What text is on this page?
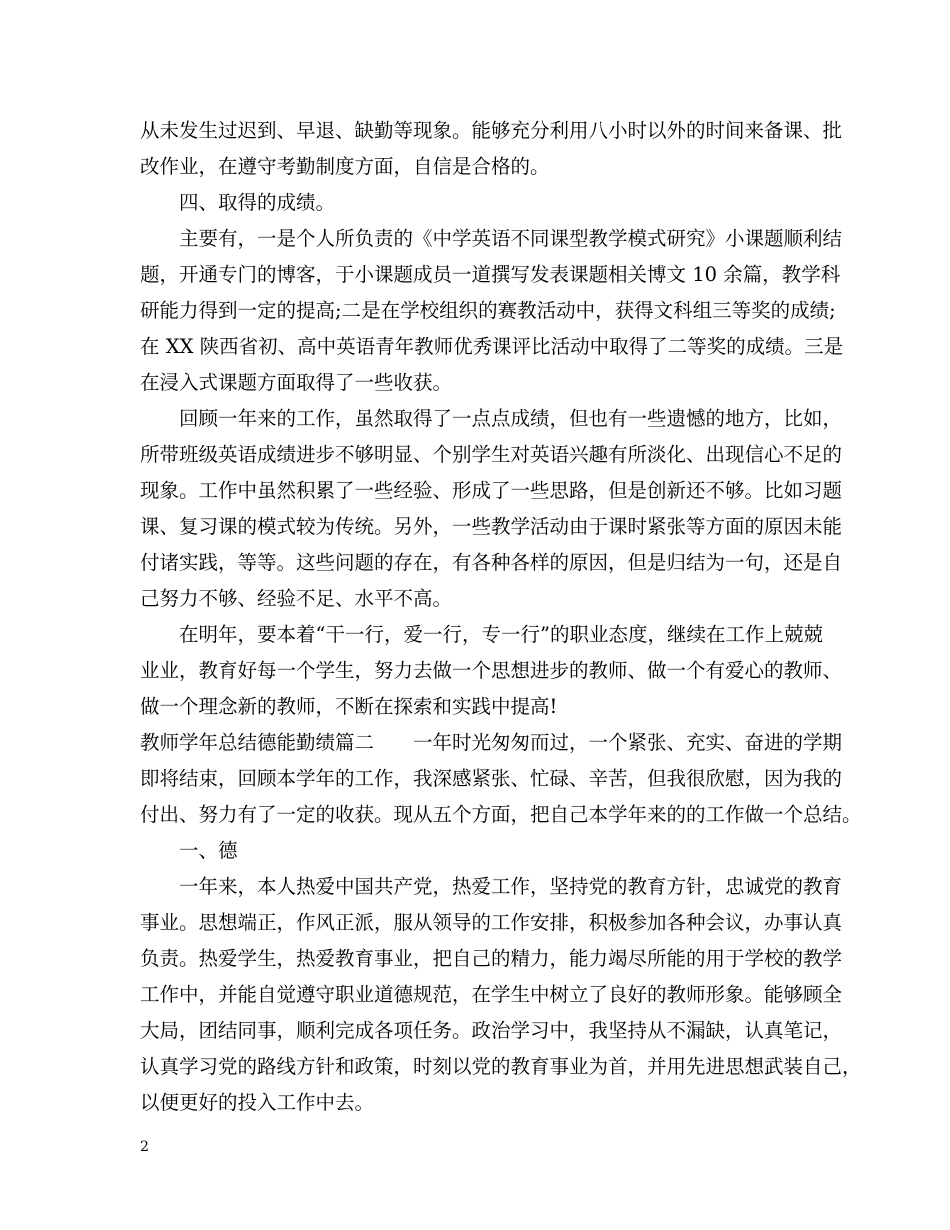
从未发生过迟到、早退、缺勤等现象。能够充分利用八小时以外的时间来备课、批
改作业，在遵守考勤制度方面，自信是合格的。
四、取得的成绩。
主要有，一是个人所负责的《中学英语不同课型教学模式研究》小课题顺利结
题，开通专门的博客，于小课题成员一道撰写发表课题相关博文 10 余篇，教学科
研能力得到一定的提高;二是在学校组织的赛教活动中，获得文科组三等奖的成绩;
在 XX 陕西省初、高中英语青年教师优秀课评比活动中取得了二等奖的成绩。三是
在浸入式课题方面取得了一些收获。
回顾一年来的工作，虽然取得了一点点成绩，但也有一些遗憾的地方，比如，
所带班级英语成绩进步不够明显、个别学生对英语兴趣有所淡化、出现信心不足的
现象。工作中虽然积累了一些经验、形成了一些思路，但是创新还不够。比如习题
课、复习课的模式较为传统。另外，一些教学活动由于课时紧张等方面的原因未能
付诸实践，等等。这些问题的存在，有各种各样的原因，但是归结为一句，还是自
己努力不够、经验不足、水平不高。
在明年，要本着“干一行，爱一行，专一行”的职业态度，继续在工作上兢兢
业业，教育好每一个学生，努力去做一个思想进步的教师、做一个有爱心的教师、
做一个理念新的教师，不断在探索和实践中提高!
教师学年总结德能勤绩篇二　　一年时光匆匆而过，一个紧张、充实、奋进的学期
即将结束，回顾本学年的工作，我深感紧张、忙碌、辛苦，但我很欣慰，因为我的
付出、努力有了一定的收获。现从五个方面，把自己本学年来的的工作做一个总结。
一、德
一年来，本人热爱中国共产党，热爱工作，坚持党的教育方针，忠诚党的教育
事业。思想端正，作风正派，服从领导的工作安排，积极参加各种会议，办事认真
负责。热爱学生，热爱教育事业，把自己的精力，能力竭尽所能的用于学校的教学
工作中，并能自觉遵守职业道德规范，在学生中树立了良好的教师形象。能够顾全
大局，团结同事，顺利完成各项任务。政治学习中，我坚持从不漏缺，认真笔记，
认真学习党的路线方针和政策，时刻以党的教育事业为首，并用先进思想武装自己，
以便更好的投入工作中去。
2
